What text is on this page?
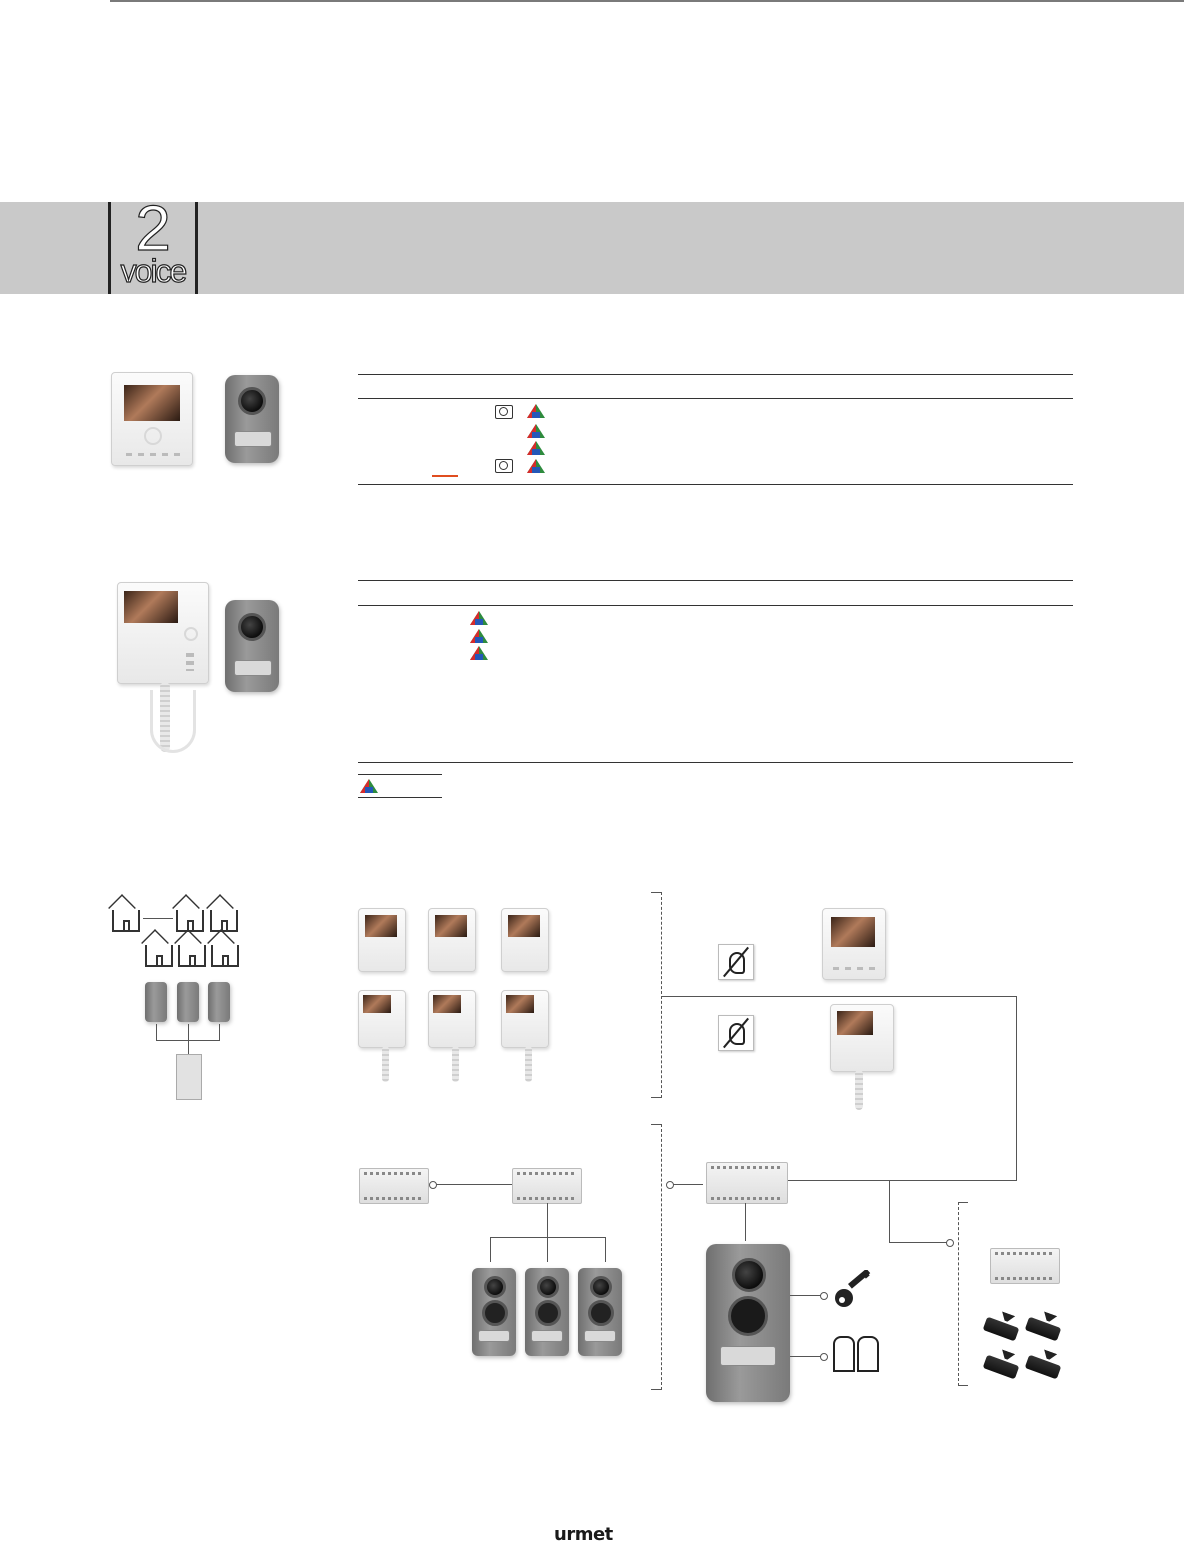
2
voice
urmet
